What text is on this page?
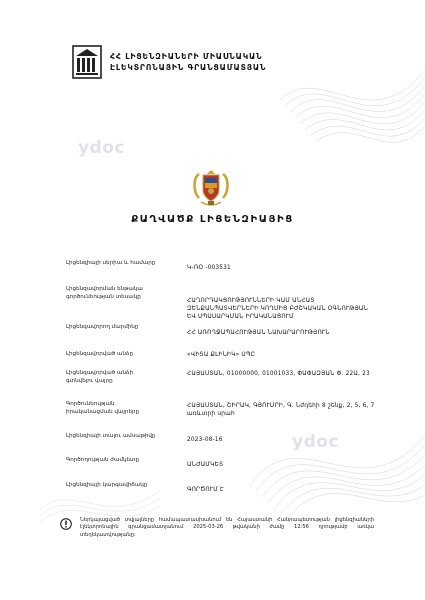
ՀՀ ԼԻՑԵՆԶԻԱՆԵՐԻ ՄԻԱՍՆԱԿԱՆ
ԷԼԵԿՏՐՈՆԱՅԻՆ ԳՐԱՆՑԱՄԱՏՅԱՆ
ydoc
ydoc
ՔԱՂՎԱԾՔ ԼԻՑԵՆԶԻԱՅԻՑ
Լիցենզիայի սերիա և համարը
Կ-ՌՕ -003531
Լիցենզավորման ենթակա գործունեության տեսակը
ՀԱՂՈՐԴԱԿՑՈՒԹՅՈՒՆՆԵՐԻ ԿԱՄ ԱՆՀԱՏ ԶԵՆՔԱՆՊԱՏՎԵՐՆԵՐԻ ԿՈՂՄԻՑ ԲԺՇԿԱԿԱՆ ՕԳՆՈՒԹՅԱՆ ԵՎ ՍՊԱՍԱՐԿՄԱՆ ԻՐԱԿԱՆԱՑՈՒՄ
Լիցենզավորող մարմինը
ՀՀ ԱՌՈՂՋԱՊԱՀՈՒԹՅԱՆ ՆԱԽԱՐԱՐՈՒԹՅՈՒՆ
Լիցենզավորված անձը	«ՎԻՏԱ ՔԼԻՆԻԿ» ՍՊԸ
Լիցենզավորված անձի գտնվելու վայրը
ՀԱՅԱՍՏԱՆ, 01000000, 01001033, ՓԱՓԱԶՅԱՆ Փ. 22Ա, 23
Գործունեության իրականացման վայրերը
ՀԱՅԱՍՏԱՆ, ՇԻՐԱԿ, ԳՅՈՒՄՐԻ, Գ. Նժդեհի 8 շենք, 2, 5, 6, 7 առևտրի սրահ
Լիցենզիայի տալու ամսաթիվը
2023-08-16
Գործողության ժամկետը
ԱՆԺԱՄԿԵՏ
Լիցենզիայի կարգավիճակը
ԳՈՐԾՈՒՄ Է
Ներկայացված տվյալները համապատասխանում են Հայաստանի Հանրապետության լիցենզիաների էլեկտրոնային գրանցամատյանում 2025-03-26 թվականի ժամը 12:56 դրությամբ առկա տեղեկատվությանը:
